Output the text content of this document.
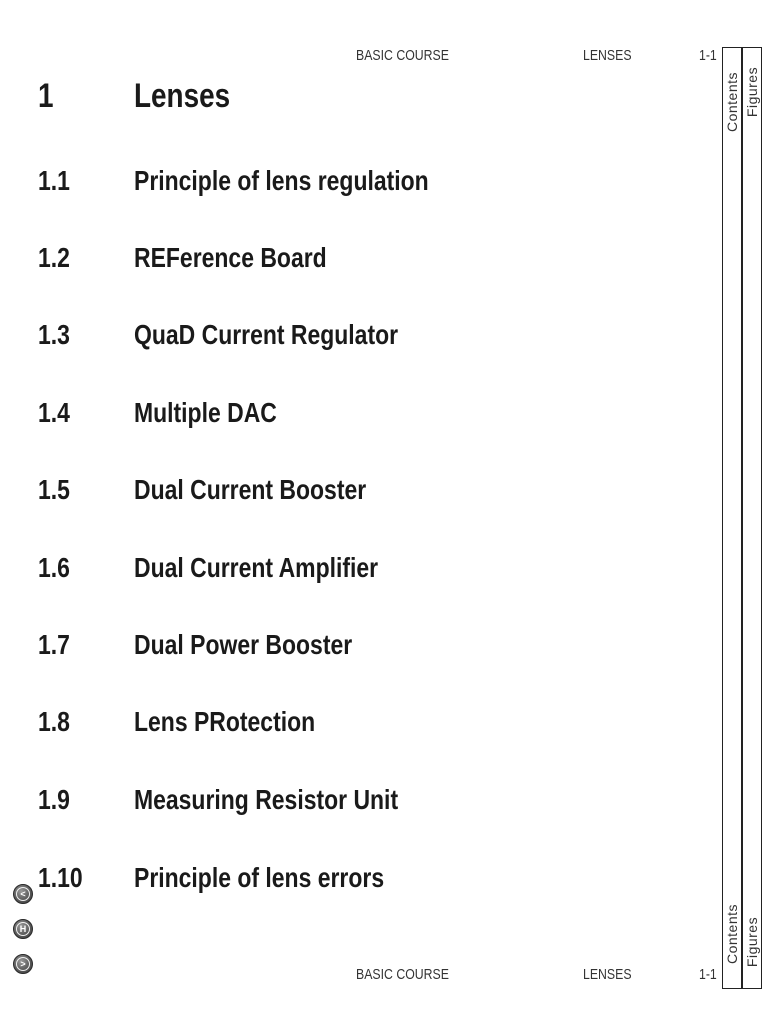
BASIC COURSE	LENSES	1-1
1 Lenses
1.1 Principle of lens regulation
1.2 REFerence Board
1.3 QuaD Current Regulator
1.4 Multiple DAC
1.5 Dual Current Booster
1.6 Dual Current Amplifier
1.7 Dual Power Booster
1.8 Lens PRotection
1.9 Measuring Resistor Unit
1.10 Principle of lens errors
Contents
Contents
Figures
Figures
<
H
>
BASIC COURSE	LENSES	1-1
